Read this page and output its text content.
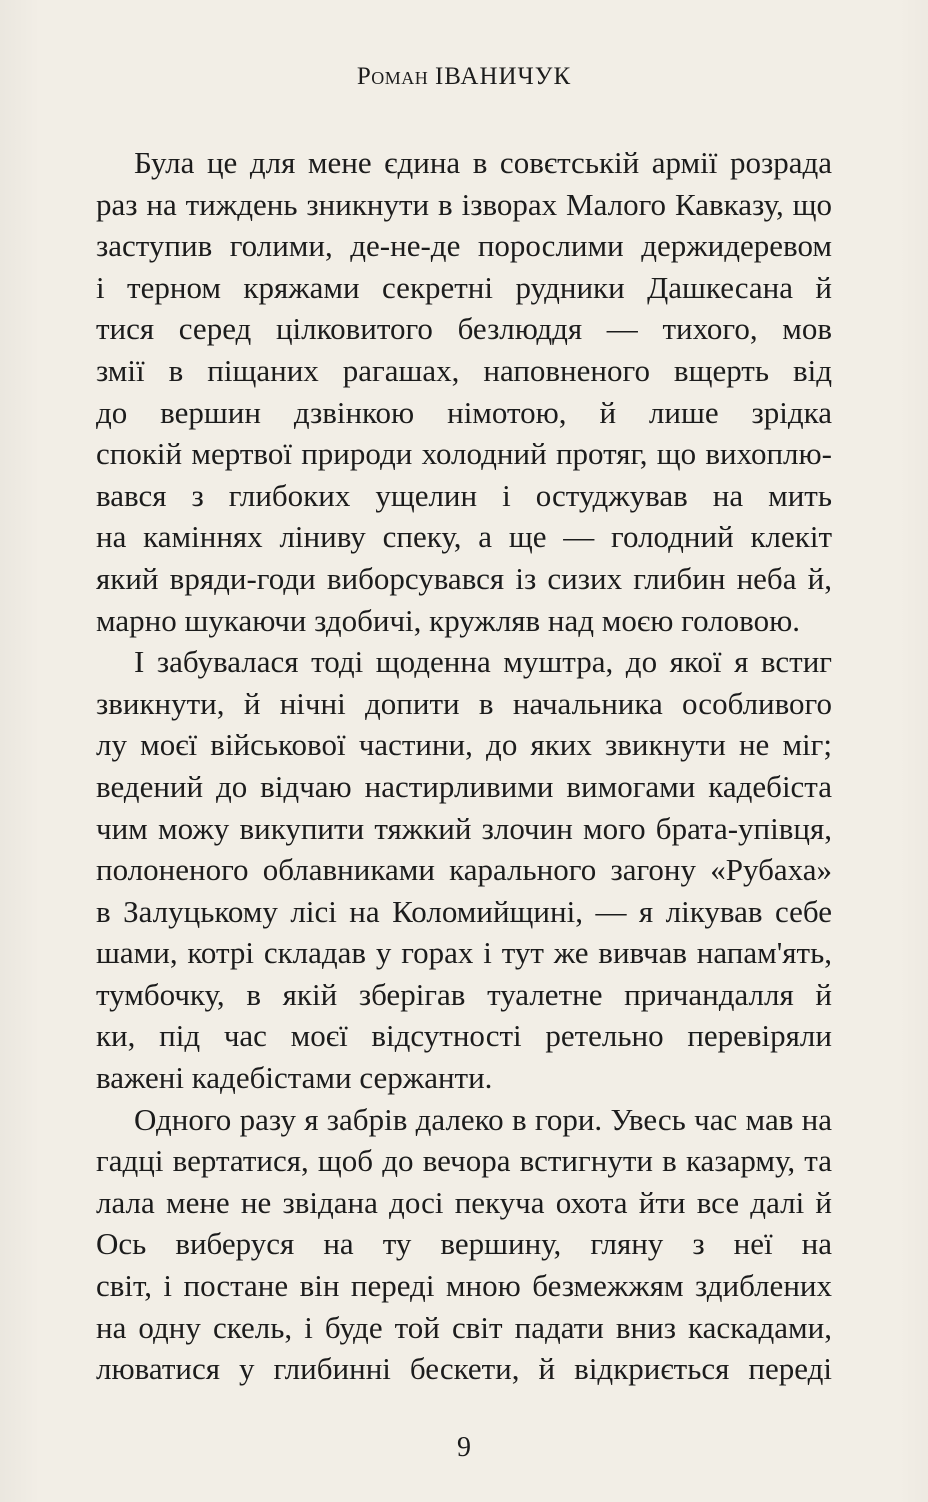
Роман ІВАНИЧУК
Була це для мене єдина в совєтській армії розрада
раз на тиждень зникнути в ізворах Малого Кавказу, що
заступив голими, де-не-де порослими держидеревом
і терном кряжами секретні рудники Дашкесана й
тися серед цілковитого безлюддя — тихого, мов
змії в піщаних рагашах, наповненого вщерть від
до вершин дзвінкою німотою, й лише зрідка
спокій мертвої природи холодний протяг, що вихоплю-
вався з глибоких ущелин і остуджував на мить
на каміннях ліниву спеку, а ще — голодний клекіт
який вряди-годи виборсувався із сизих глибин неба й,
марно шукаючи здобичі, кружляв над моєю головою.
І забувалася тоді щоденна муштра, до якої я встиг
звикнути, й нічні допити в начальника особливого
лу моєї військової частини, до яких звикнути не міг;
ведений до відчаю настирливими вимогами кадебіста
чим можу викупити тяжкий злочин мого брата-упівця,
полоненого облавниками карального загону «Рубаха»
в Залуцькому лісі на Коломийщині, — я лікував себе
шами, котрі складав у горах і тут же вивчав напам'ять,
тумбочку, в якій зберігав туалетне причандалля й
ки, під час моєї відсутності ретельно перевіряли
важені кадебістами сержанти.
Одного разу я забрів далеко в гори. Увесь час мав на
гадці вертатися, щоб до вечора встигнути в казарму, та
лала мене не звідана досі пекуча охота йти все далі й
Ось виберуся на ту вершину, гляну з неї на
світ, і постане він переді мною безмежжям здиблених
на одну скель, і буде той світ падати вниз каскадами,
люватися у глибинні бескети, й відкриється переді
9
